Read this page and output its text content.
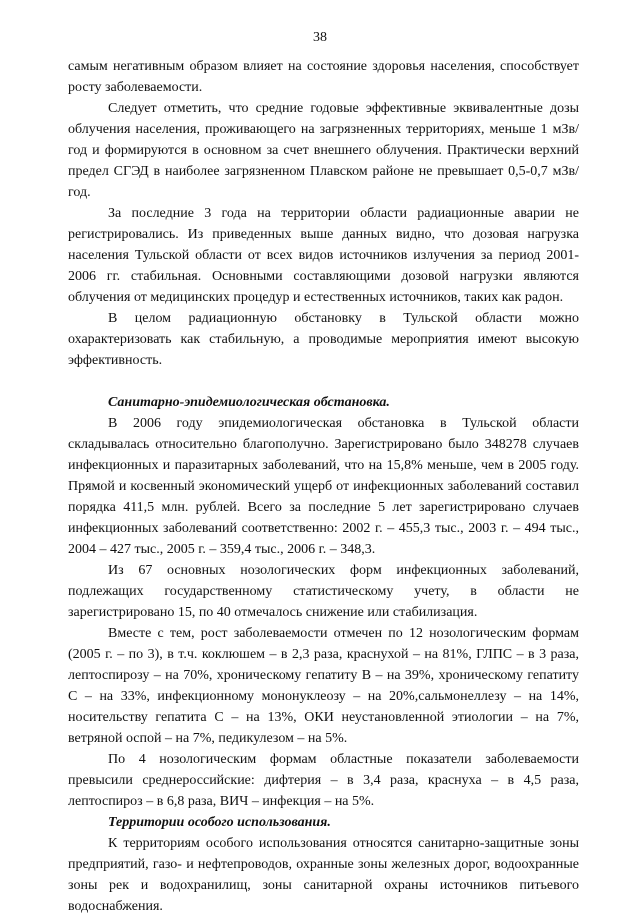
38

самым негативным образом влияет на состояние здоровья населения, способствует росту заболеваемости.

Следует отметить, что средние годовые эффективные эквивалентные дозы облучения населения, проживающего на загрязненных территориях, меньше 1 мЗв/год и формируются в основном за счет внешнего облучения. Практически верхний предел СГЭД в наиболее загрязненном Плавском районе не превышает 0,5-0,7 мЗв/год.

За последние 3 года на территории области радиационные аварии не регистрировались. Из приведенных выше данных видно, что дозовая нагрузка населения Тульской области от всех видов источников излучения за период 2001-2006 гг. стабильная. Основными составляющими дозовой нагрузки являются облучения от медицинских процедур и естественных источников, таких как радон.

В целом радиационную обстановку в Тульской области можно охарактеризовать как стабильную, а проводимые мероприятия имеют высокую эффективность.

Санитарно-эпидемиологическая обстановка.

В 2006 году эпидемиологическая обстановка в Тульской области складывалась относительно благополучно. Зарегистрировано было 348278 случаев инфекционных и паразитарных заболеваний, что на 15,8% меньше, чем в 2005 году. Прямой и косвенный экономический ущерб от инфекционных заболеваний составил порядка 411,5 млн. рублей. Всего за последние 5 лет зарегистрировано случаев инфекционных заболеваний соответственно: 2002 г. – 455,3 тыс., 2003 г. – 494 тыс., 2004 – 427 тыс., 2005 г. – 359,4 тыс., 2006 г. – 348,3.

Из 67 основных нозологических форм инфекционных заболеваний, подлежащих государственному статистическому учету, в области не зарегистрировано 15, по 40 отмечалось снижение или стабилизация.

Вместе с тем, рост заболеваемости отмечен по 12 нозологическим формам (2005 г. – по 3), в т.ч. коклюшем – в 2,3 раза, краснухой – на 81%, ГЛПС – в 3 раза, лептоспирозу – на 70%, хроническому гепатиту В – на 39%, хроническому гепатиту С – на 33%, инфекционному мононуклеозу – на 20%,сальмонеллезу – на 14%, носительству гепатита С – на 13%, ОКИ неустановленной этиологии – на 7%, ветряной оспой – на 7%, педикулезом – на 5%.

По 4 нозологическим формам областные показатели заболеваемости превысили среднероссийские: дифтерия – в 3,4 раза, краснуха – в 4,5 раза, лептоспироз – в 6,8 раза, ВИЧ – инфекция – на 5%.

Территории особого использования.

К территориям особого использования относятся санитарно-защитные зоны предприятий, газо- и нефтепроводов, охранные зоны железных дорог, водоохранные зоны рек и водохранилищ, зоны санитарной охраны источников питьевого водоснабжения.
